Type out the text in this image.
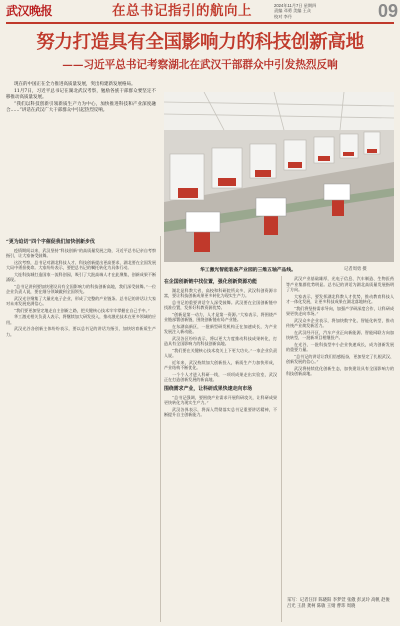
武汉晚报	在总书记指引的航向上	2024年11月7日 星期四
责编 邓勇 美编 王众
校对 李丹	09
努力打造具有全国影响力的科技创新高地
——习近平总书记考察湖北在武汉干部群众中引发热烈反响

现在的中国正在全力推进高质量发展，突出构建新发展格局。

11月7日，习近平总书记在湖北武汉考察，勉励各族干部群众要坚定不移推动高质量发展。

“我们以科技创新引领新质生产力为中心，加快推进科技和产业深度融合……”讲话在武汉广大干部群众中引起热烈反响。

华工激光智能装备产业园的三维五轴产品线。	记者周勇 摄
“更为迫切”四个字催促我们加快创新步伐

疫情期间以来，武汉坚持“科技创新”的高质量发展之路，习近平总书记亲自考察指引，让大家备受鼓舞。

这次考察，总书记对湖北科技人才、科技创新提出更高要求，湖北要在全国发展大局中勇担使命。大家纷纷表示，要把总书记的嘱托转化为具体行动。

大连科技城打造国家一流科创园，吸引了大批高端人才在此聚集，创新成果不断涌现。

“总书记讲到要加快建设具有全国影响力的科技创新高地，我们深受鼓舞。”一位企业负责人说，要在细分领域做到全国领先。

武汉光谷聚集了大量光电子企业，形成了完整的产业链条。总书记的讲话让大家对未来发展充满信心。

“我们要更加坚定地走自主创新之路，把关键核心技术牢牢掌握在自己手中。”

华工激光相关负责人表示，将继续加大研发投入，推动激光技术在更多领域的应用。

武汉光谷各创新主体纷纷表示，要以总书记的讲话为指引，加快培育新质生产力。

在企国创新链中找位置，强化创新资源功能

湖北是科教大省，高校和科研院所众多，武汉科创资源丰富，要让科技创新成果更多转化为现实生产力。

总书记的重要讲话令人深受鼓舞。武汉要在全国创新链中找准位置，发挥好科教资源优势。

“创新是第一动力，人才是第一资源。”大家表示，将围绕产业链部署创新链，围绕创新链布局产业链。

在东湖高新区，一批新型研发机构正在加速成长，为产业发展注入新动能。

武汉各区纷纷表示，将以更大力度推动科技成果转化，打造具有全国影响力的科技创新高地。

“我们要在关键核心技术攻关上下更大功夫。”一家企业负责人说。

近年来，武汉持续加大创新投入，新质生产力加快形成，产业结构不断优化。

一个个人才进入科研一线，一项项成果走出实验室，武汉正在打造创新发展的新高地。

围绕需求产业，让科研成果快速走向市场

“总书记强调，要围绕产业需求开展科研攻关，让科研成果更快转化为现实生产力。”

武汉各界表示，将深入贯彻落实总书记重要讲话精神，不断提升自主创新能力。

武汉产业基础雄厚，光电子信息、汽车制造、生物医药等产业集群优势明显。总书记的讲话为湖北高质量发展指明了方向。

大家表示，要发挥湖北科教人才优势，推动教育科技人才一体化发展，让更多科技成果在湖北落地转化。

“我们将坚持需求导向，加强产学研深度合作，让科研成果更快走向市场。”

武汉众多企业表示，将加快数字化、智能化转型，推动传统产业焕发新活力。

在武汉经开区，汽车产业正向新能源、智能网联方向加快转型，一批新项目相继投产。

在光谷，一批科技型中小企业快速成长，成为创新发展的重要力量。

“总书记的讲话让我们倍感振奋，更加坚定了扎根武汉、创新发展的信心。”

武汉将持续优化创新生态，加快建设具有全国影响力的科技创新高地。

采写：记者汪洋 陈晓阳 李梦萱 张傲 彭灵玲 高帆 赵俊 吕光 王晨 龚柯 陈敏 王婧 曹玮 周晓
